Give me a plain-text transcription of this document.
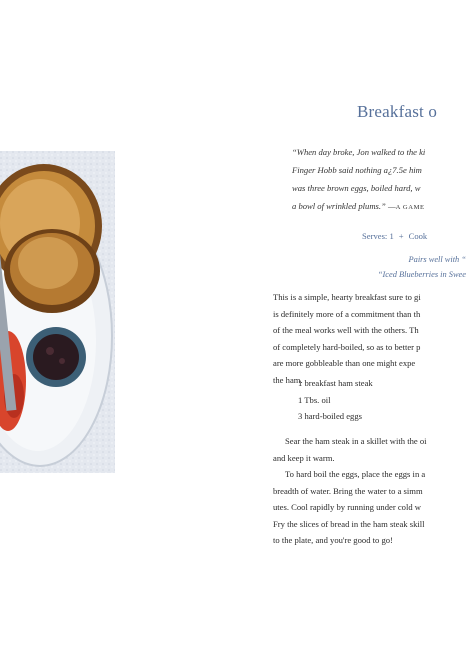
Breakfast o
“When day broke, Jon walked to the ki
Finger Hobb said nothing a¿7.5e him
was three brown eggs, boiled hard, w
a bowl of wrinkled plums.” —A GAME
Serves: 1 + Cook
Pairs well with “
“Iced Blueberries in Swee
This is a simple, hearty breakfast sure to gi
is definitely more of a commitment than th
of the meal works well with the others. Th
of completely hard-boiled, so as to better p
are more gobbleable than one might expe
the ham.
1 breakfast ham steak
1 Tbs. oil
3 hard-boiled eggs
Sear the ham steak in a skillet with the oi
and keep it warm.
To hard boil the eggs, place the eggs in a
breadth of water. Bring the water to a simm
utes. Cool rapidly by running under cold w
Fry the slices of bread in the ham steak skill
to the plate, and you're good to go!
